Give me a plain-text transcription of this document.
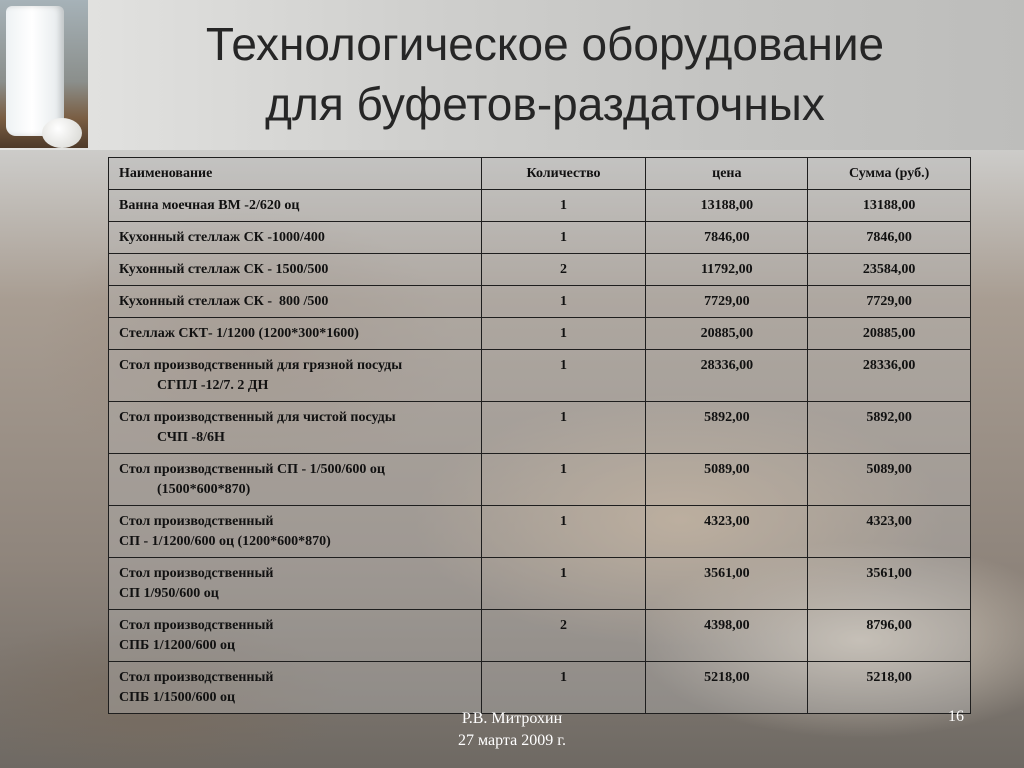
Технологическое оборудование
для буфетов-раздаточных
Наименование	Количество	цена	Сумма (руб.)
Ванна моечная ВМ -2/620 оц	1	13188,00	13188,00
Кухонный стеллаж СК -1000/400	1	7846,00	7846,00
Кухонный стеллаж СК - 1500/500	2	11792,00	23584,00
Кухонный стеллаж СК -  800 /500	1	7729,00	7729,00
Стеллаж СКТ- 1/1200 (1200*300*1600)	1	20885,00	20885,00

Стол производственный для грязной посуды
СГПЛ -12/7. 2 ДН	1	28336,00	28336,00

Стол производственный для чистой посуды
СЧП -8/6Н	1	5892,00	5892,00

Стол производственный СП - 1/500/600 оц
(1500*600*870)	1	5089,00	5089,00

Стол производственный
СП - 1/1200/600 оц (1200*600*870)	1	4323,00	4323,00

Стол производственный
СП 1/950/600 оц	1	3561,00	3561,00

Стол производственный
СПБ 1/1200/600 оц	2	4398,00	8796,00

Стол производственный
СПБ 1/1500/600 оц	1	5218,00	5218,00
Р.В. Митрохин
27 марта 2009 г.
16
